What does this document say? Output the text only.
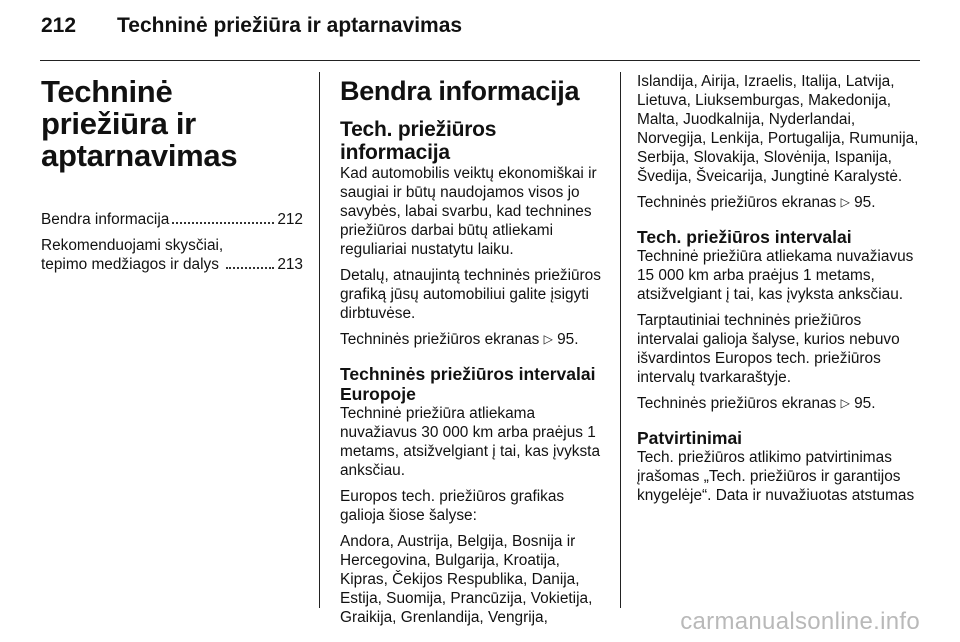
212 Techninė priežiūra ir aptarnavimas
Techninė priežiūra ir
aptarnavimas
Bendra informacija	212
Rekomenduojami skysčiai,
tepimo medžiagos ir dalys	213
Bendra informacija
Tech. priežiūros
informacija

Kad automobilis veiktų ekonomiškai ir saugiai ir būtų naudojamos visos jo savybės, labai svarbu, kad technines priežiūros darbai būtų atliekami reguliariai nustatytu laiku.

Detalų, atnaujintą techninės priežiūros grafiką jūsų automobiliui galite įsigyti dirbtuvėse.

Techninės priežiūros ekranas ▷ 95.

Techninės priežiūros intervalai Europoje

Techninė priežiūra atliekama nuvažiavus 30 000 km arba praėjus 1 metams, atsižvelgiant į tai, kas įvyksta anksčiau.

Europos tech. priežiūros grafikas galioja šiose šalyse:

Andora, Austrija, Belgija, Bosnija ir Hercegovina, Bulgarija, Kroatija, Kipras, Čekijos Respublika, Danija, Estija, Suomija, Prancūzija, Vokietija, Graikija, Grenlandija, Vengrija,

Islandija, Airija, Izraelis, Italija, Latvija, Lietuva, Liuksemburgas, Makedonija, Malta, Juodkalnija, Nyderlandai, Norvegija, Lenkija, Portugalija, Rumunija, Serbija, Slovakija, Slovėnija, Ispanija, Švedija, Šveicarija, Jungtinė Karalystė.

Techninės priežiūros ekranas ▷ 95.

Tech. priežiūros intervalai

Techninė priežiūra atliekama nuvažiavus 15 000 km arba praėjus 1 metams, atsižvelgiant į tai, kas įvyksta anksčiau.

Tarptautiniai techninės priežiūros intervalai galioja šalyse, kurios nebuvo išvardintos Europos tech. priežiūros intervalų tvarkaraštyje.

Techninės priežiūros ekranas ▷ 95.

Patvirtinimai

Tech. priežiūros atlikimo patvirtinimas įrašomas „Tech. priežiūros ir garantijos knygelėje“. Data ir nuvažiuotas atstumas

carmanualsonline.info
